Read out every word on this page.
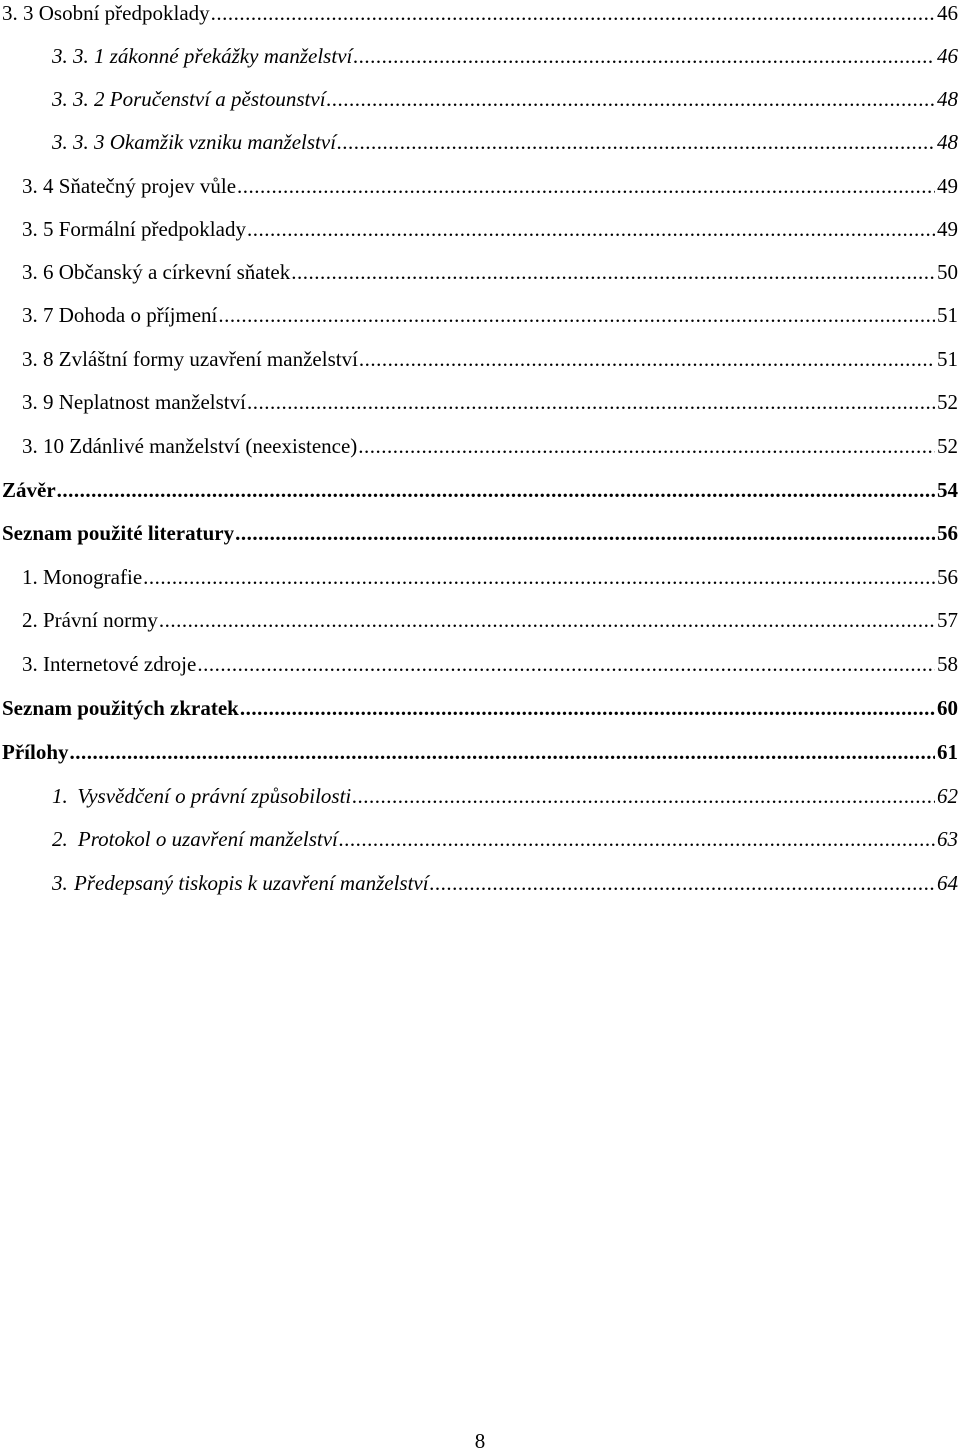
3. 3 Osobní předpoklady .....	46
3. 3. 1 zákonné překážky manželství .....	46
3. 3. 2 Poručenství a pěstounství .....	48
3. 3. 3 Okamžik vzniku manželství .....	48
3. 4 Sňatečný projev vůle .....	49
3. 5 Formální předpoklady .....	49
3. 6 Občanský a církevní sňatek .....	50
3. 7 Dohoda o příjmení .....	51
3. 8 Zvláštní formy uzavření manželství .....	51
3. 9 Neplatnost manželství .....	52
3. 10 Zdánlivé manželství (neexistence) .....	52
Závěr .....	54
Seznam použité literatury .....	56
1. Monografie .....	56
2. Právní normy .....	57
3. Internetové zdroje .....	58
Seznam použitých zkratek .....	60
Přílohy .....	61
1. Vysvědčení o právní způsobilosti .....	62
2. Protokol o uzavření manželství .....	63
3. Předepsaný tiskopis k uzavření manželství .....	64
8
